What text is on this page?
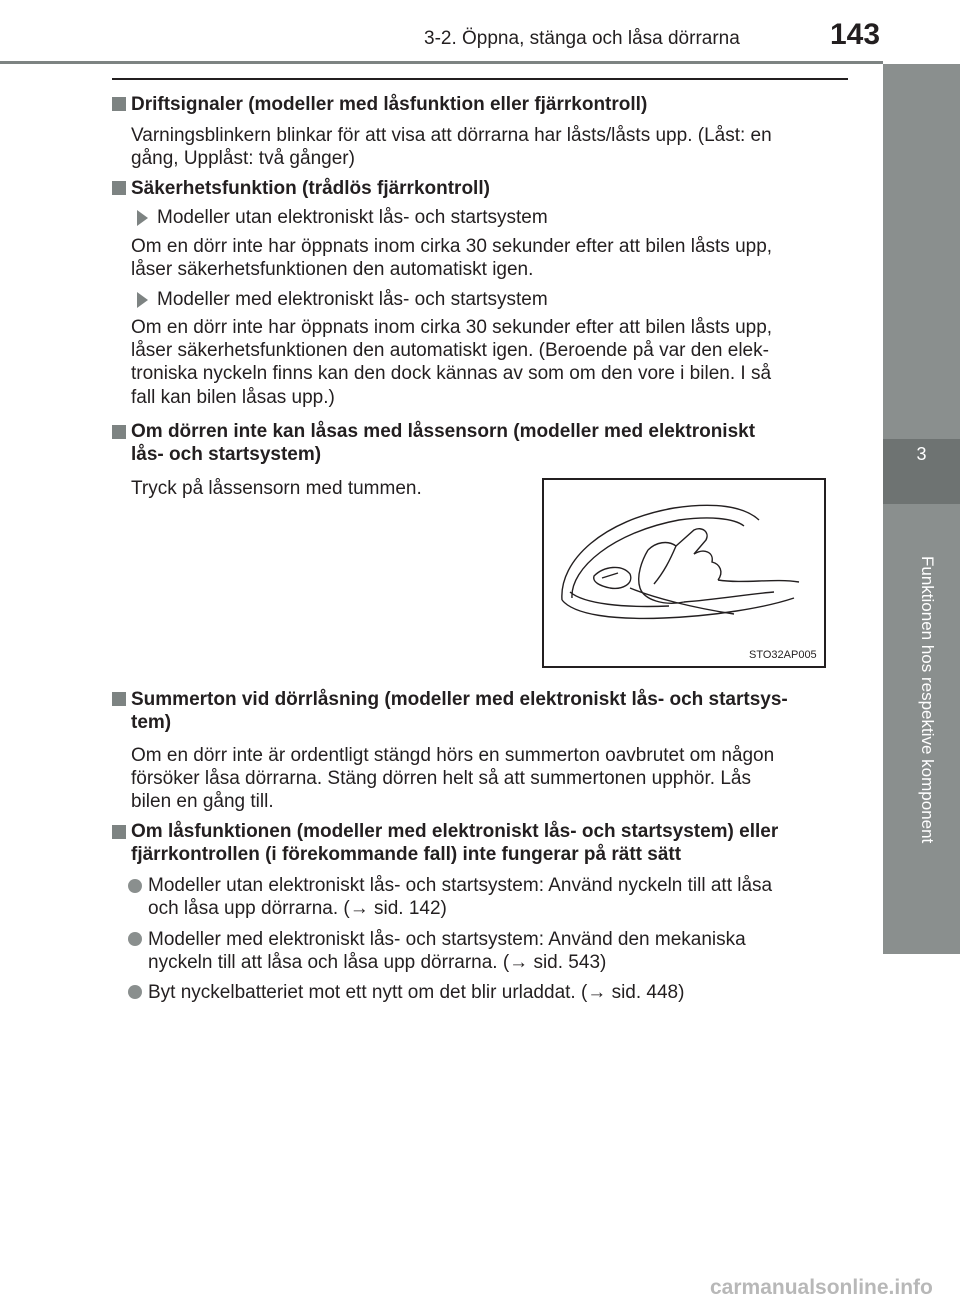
3-2. Öppna, stänga och låsa dörrarna	143
3
Funktionen hos respektive komponent
Driftsignaler (modeller med låsfunktion eller fjärrkontroll)
Varningsblinkern blinkar för att visa att dörrarna har låsts/låsts upp. (Låst: en
gång, Upplåst: två gånger)
Säkerhetsfunktion (trådlös fjärrkontroll)
Modeller utan elektroniskt lås- och startsystem
Om en dörr inte har öppnats inom cirka 30 sekunder efter att bilen låsts upp,
låser säkerhetsfunktionen den automatiskt igen.
Modeller med elektroniskt lås- och startsystem
Om en dörr inte har öppnats inom cirka 30 sekunder efter att bilen låsts upp,
låser säkerhetsfunktionen den automatiskt igen. (Beroende på var den elek-
troniska nyckeln finns kan den dock kännas av som om den vore i bilen. I så
fall kan bilen låsas upp.)
Om dörren inte kan låsas med låssensorn (modeller med elektroniskt
lås- och startsystem)
Tryck på låssensorn med tummen.
STO32AP005
Summerton vid dörrlåsning (modeller med elektroniskt lås- och startsys-
tem)
Om en dörr inte är ordentligt stängd hörs en summerton oavbrutet om någon
försöker låsa dörrarna. Stäng dörren helt så att summertonen upphör. Lås
bilen en gång till.
Om låsfunktionen (modeller med elektroniskt lås- och startsystem) eller
fjärrkontrollen (i förekommande fall) inte fungerar på rätt sätt
Modeller utan elektroniskt lås- och startsystem: Använd nyckeln till att låsa
och låsa upp dörrarna. (→ sid. 142)
Modeller med elektroniskt lås- och startsystem: Använd den mekaniska
nyckeln till att låsa och låsa upp dörrarna. (→ sid. 543)
Byt nyckelbatteriet mot ett nytt om det blir urladdat. (→ sid. 448)
carmanualsonline.info
